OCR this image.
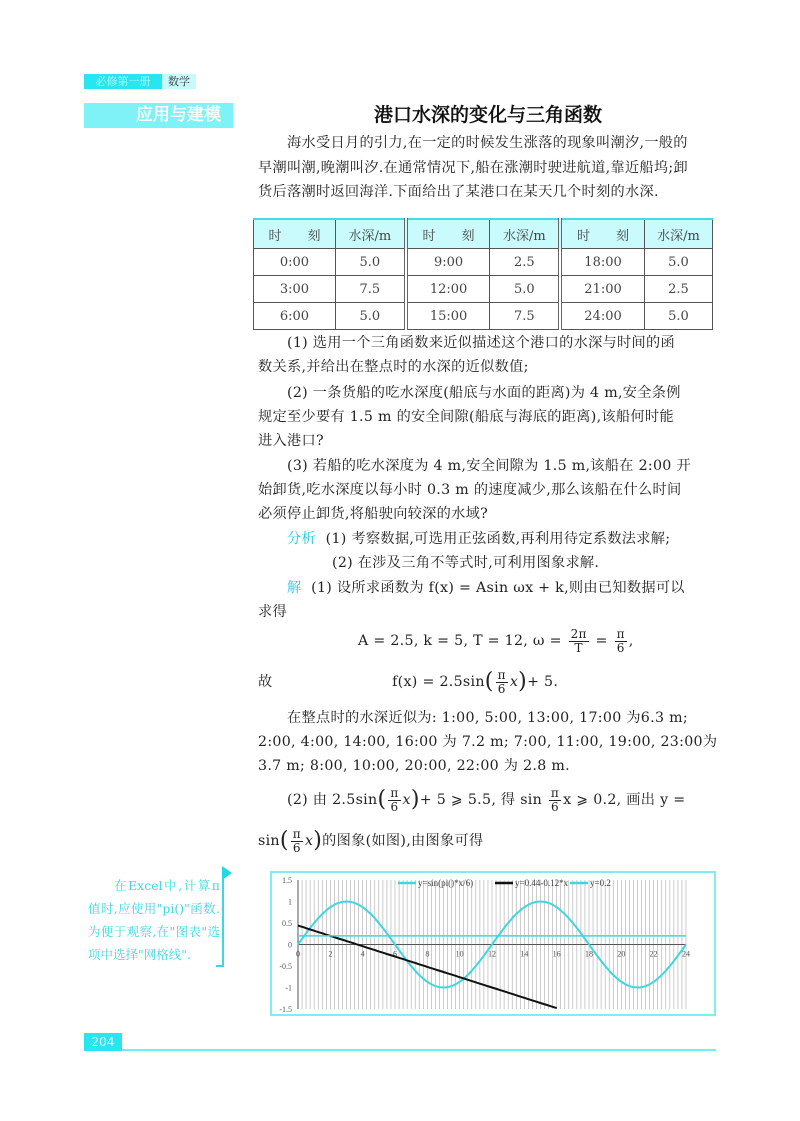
必修第一册	数学
应用与建模	港口水深的变化与三角函数
海水受日月的引力,在一定的时候发生涨落的现象叫潮汐,一般的
早潮叫潮,晚潮叫汐.在通常情况下,船在涨潮时驶进航道,靠近船坞;卸
货后落潮时返回海洋.下面给出了某港口在某天几个时刻的水深.
时　　刻	水深/m	时　　刻	水深/m	时　　刻	水深/m
0:00	5.0	9:00	2.5	18:00	5.0
3:00	7.5	12:00	5.0	21:00	2.5
6:00	5.0	15:00	7.5	24:00	5.0
(1) 选用一个三角函数来近似描述这个港口的水深与时间的函
数关系,并给出在整点时的水深的近似数值;
(2) 一条货船的吃水深度(船底与水面的距离)为 4 m,安全条例
规定至少要有 1.5 m 的安全间隙(船底与海底的距离),该船何时能
进入港口?
(3) 若船的吃水深度为 4 m,安全间隙为 1.5 m,该船在 2:00 开
始卸货,吃水深度以每小时 0.3 m 的速度减少,那么该船在什么时间
必须停止卸货,将船驶向较深的水域?
分析 (1) 考察数据,可选用正弦函数,再利用待定系数法求解;
(2) 在涉及三角不等式时,可利用图象求解.
解 (1) 设所求函数为 f(x) = Asin ωx + k,则由已知数据可以
求得
A = 2.5, k = 5, T = 12, $\omega = \frac{2\pi}{T} = \frac{\pi}{6}$ ,
故	$f(x) = 2.5\sin( \frac{\pi}{6} x)+ 5$.
在整点时的水深近似为: 1:00, 5:00, 13:00, 17:00 为6.3 m;
2:00, 4:00, 14:00, 16:00 为 7.2 m; 7:00, 11:00, 19:00, 23:00为
3.7 m; 8:00, 10:00, 20:00, 22:00 为 2.8 m.
(2) 由 $2.5\sin( \frac{\pi}{6} x)+ 5$ ⩾ 5.5, 得 $\sin \frac{\pi}{6}$ x ⩾ 0.2, 画出 y =
$\sin( \frac{\pi}{6} x)$的图象(如图),由图象可得
在Excel中,计算π值时,应使用"pi()"函数.为便于观察,在"图表"选项中选择"网格线".
1.5
1
0.5
0
-0.5
-1
-1.5
0	2	4	6	8	10	12	14	16	18	20	22	24
y=sin(pi()*x/6)	y=0.44-0.12*x y=0.2
204
